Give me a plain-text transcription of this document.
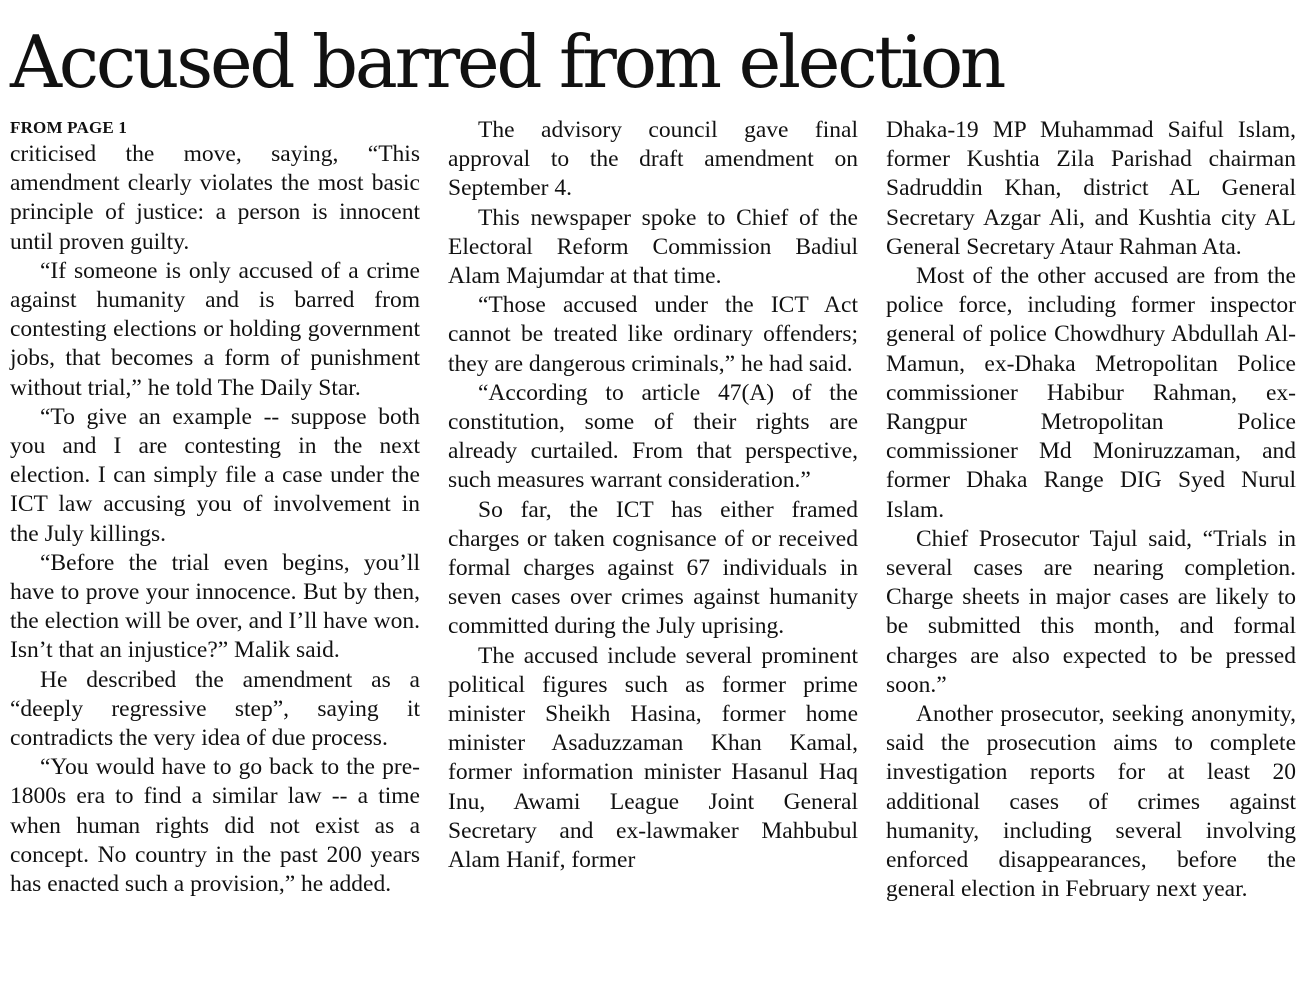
Accused barred from election
FROM PAGE 1

criticised the move, saying, “This amendment clearly violates the most basic principle of justice: a person is innocent until proven guilty.

“If someone is only accused of a crime against humanity and is barred from contesting elections or holding government jobs, that becomes a form of punishment without trial,” he told The Daily Star.

“To give an example -- suppose both you and I are contesting in the next election. I can simply file a case under the ICT law accusing you of involvement in the July killings.

“Before the trial even begins, you’ll have to prove your innocence. But by then, the election will be over, and I’ll have won. Isn’t that an injustice?” Malik said.

He described the amendment as a “deeply regressive step”, saying it contradicts the very idea of due process.

“You would have to go back to the pre-1800s era to find a similar law -- a time when human rights did not exist as a concept. No country in the past 200 years has enacted such a provision,” he added.

The advisory council gave final approval to the draft amendment on September 4.

This newspaper spoke to Chief of the Electoral Reform Commission Badiul Alam Majumdar at that time.

“Those accused under the ICT Act cannot be treated like ordinary offenders; they are dangerous criminals,” he had said.

“According to article 47(A) of the constitution, some of their rights are already curtailed. From that perspective, such measures warrant consideration.”

So far, the ICT has either framed charges or taken cognisance of or received formal charges against 67 individuals in seven cases over crimes against humanity committed during the July uprising.

The accused include several prominent political figures such as former prime minister Sheikh Hasina, former home minister Asaduzzaman Khan Kamal, former information minister Hasanul Haq Inu, Awami League Joint General Secretary and ex-lawmaker Mahbubul Alam Hanif, former

Dhaka-19 MP Muhammad Saiful Islam, former Kushtia Zila Parishad chairman Sadruddin Khan, district AL General Secretary Azgar Ali, and Kushtia city AL General Secretary Ataur Rahman Ata.

Most of the other accused are from the police force, including former inspector general of police Chowdhury Abdullah Al-Mamun, ex-Dhaka Metropolitan Police commissioner Habibur Rahman, ex-Rangpur Metropolitan Police commissioner Md Moniruzzaman, and former Dhaka Range DIG Syed Nurul Islam.

Chief Prosecutor Tajul said, “Trials in several cases are nearing completion. Charge sheets in major cases are likely to be submitted this month, and formal charges are also expected to be pressed soon.”

Another prosecutor, seeking anonymity, said the prosecution aims to complete investigation reports for at least 20 additional cases of crimes against humanity, including several involving enforced disappearances, before the general election in February next year.
